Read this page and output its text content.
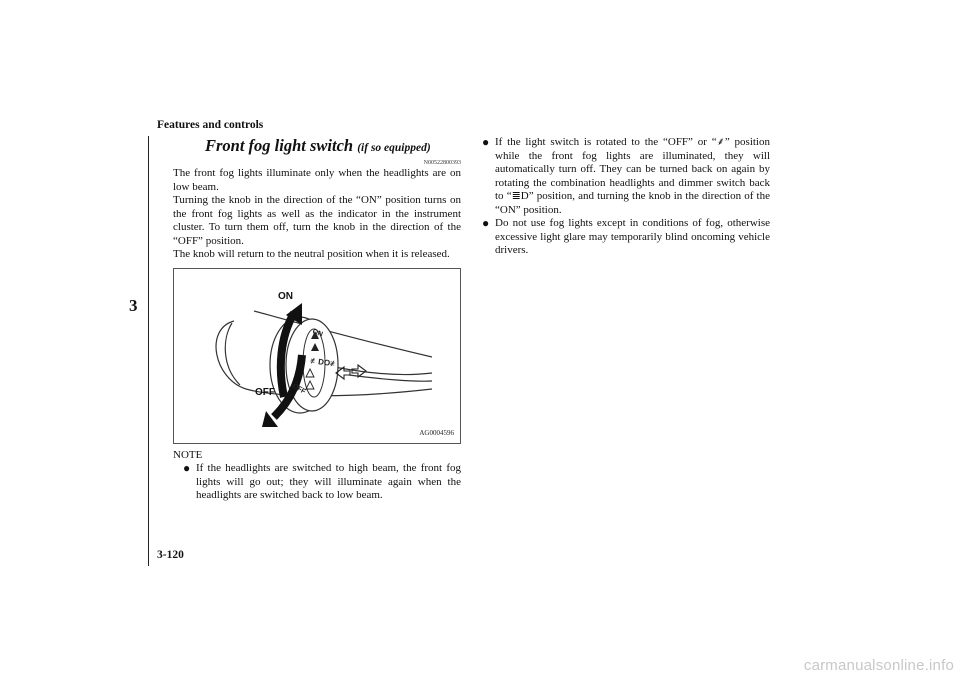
Features and controls
3
Front fog light switch (if so equipped)
N00522800393

The front fog lights illuminate only when the headlights are on low beam.

Turning the knob in the direction of the “ON” position turns on the front fog lights as well as the indicator in the instrument cluster. To turn them off, turn the knob in the direction of the “OFF” position.

The knob will return to the neutral position when it is released.

≢DO≢
ON
OFF
ON
OFF
AG0004596
NOTE
● If the headlights are switched to high beam, the front fog lights will go out; they will illuminate again when the headlights are switched back to low beam.
● If the light switch is rotated to the “OFF” or “⸙” position while the front fog lights are illuminated, they will automatically turn off. They can be turned back on again by rotating the combination headlights and dimmer switch back to “≣D” position, and turning the knob in the direction of the “ON” position.
● Do not use fog lights except in conditions of fog, otherwise excessive light glare may temporarily blind oncoming vehicle drivers.
3-120
carmanualsonline.info
